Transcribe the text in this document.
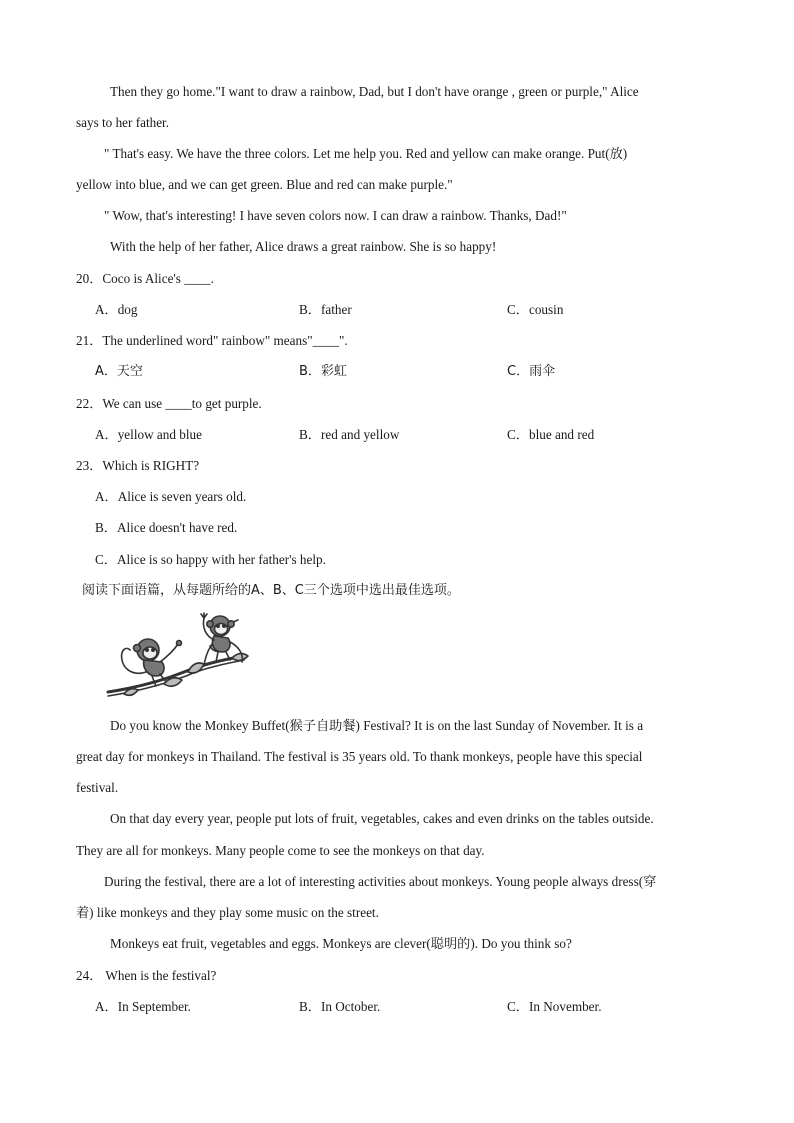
Then they go home."I want to draw a rainbow, Dad, but I don't have orange , green or purple," Alice
says to her father.
" That's easy. We have the three colors. Let me help you. Red and yellow can make orange. Put(放)
yellow into blue, and we can get green. Blue and red can make purple."
" Wow, that's interesting! I have seven colors now. I can draw a rainbow. Thanks, Dad!"
With the help of her father, Alice draws a great rainbow. She is so happy!
20．Coco is Alice's ____.
A．dog	B．father	C．cousin
21．The underlined word" rainbow" means"____".
A．天空	B．彩虹	C．雨伞
22．We can use ____to get purple.
A．yellow and blue	B．red and yellow	C．blue and red
23．Which is RIGHT?
A．Alice is seven years old.
B．Alice doesn't have red.
C．Alice is so happy with her father's help.
阅读下面语篇，从每题所给的A、B、C三个选项中选出最佳选项。
Do you know the Monkey Buffet(猴子自助餐) Festival? It is on the last Sunday of November. It is a
great day for monkeys in Thailand. The festival is 35 years old. To thank monkeys, people have this special
festival.
On that day every year, people put lots of fruit, vegetables, cakes and even drinks on the tables outside.
They are all for monkeys. Many people come to see the monkeys on that day.
During the festival, there are a lot of interesting activities about monkeys. Young people always dress(穿
着) like monkeys and they play some music on the street.
Monkeys eat fruit, vegetables and eggs. Monkeys are clever(聪明的). Do you think so?
24． When is the festival?
A．In September.	B．In October.	C．In November.
